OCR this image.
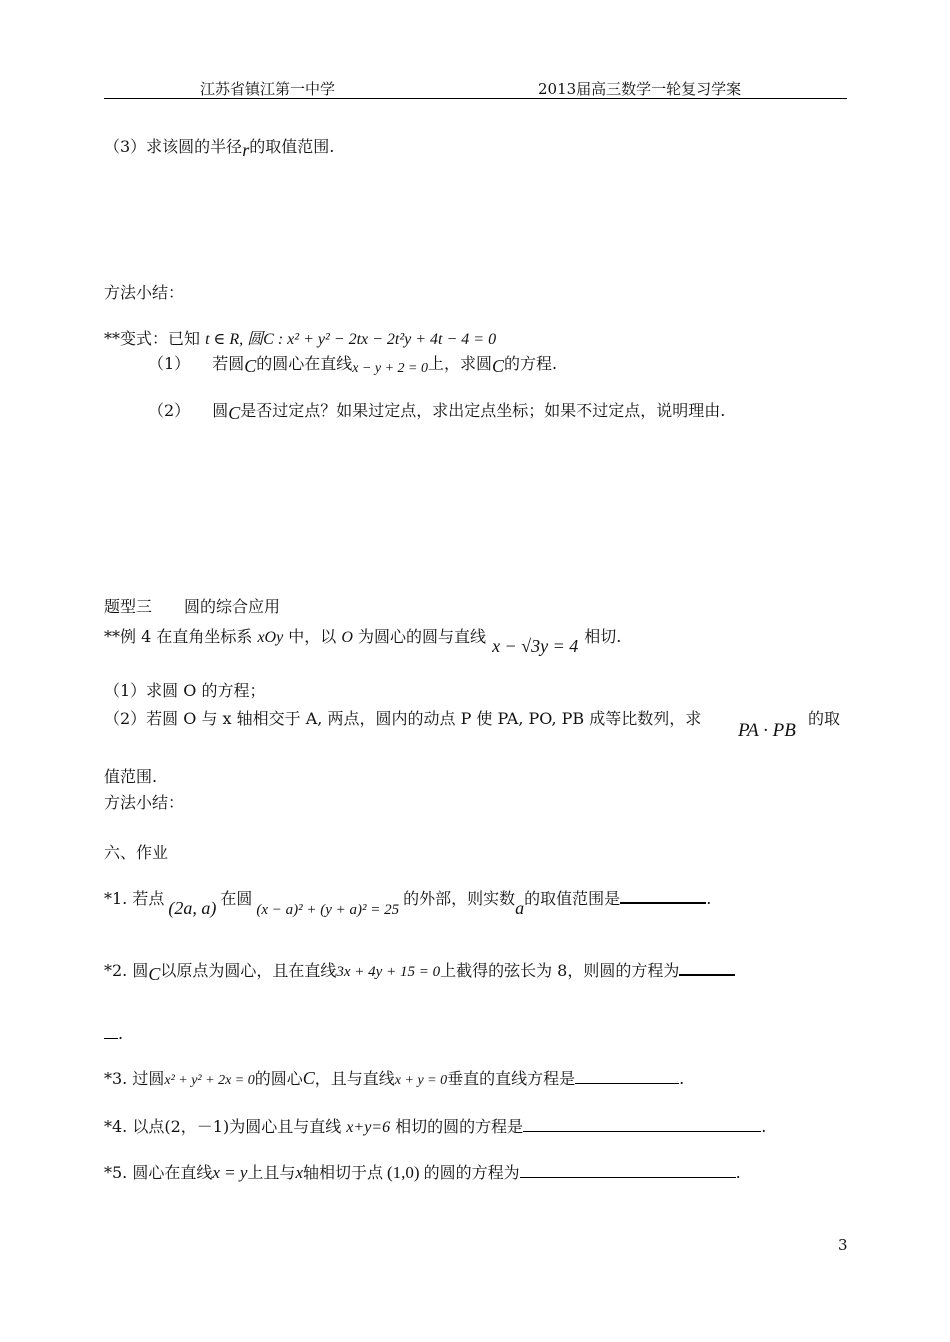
江苏省镇江第一中学	2013届高三数学一轮复习学案
（3）求该圆的半径r的取值范围.
方法小结：
**变式：已知 t ∈ R, 圆C : x² + y² − 2tx − 2t²y + 4t − 4 = 0
（1） 若圆C的圆心在直线x − y + 2 = 0上，求圆C的方程.
（2） 圆C是否过定点？如果过定点，求出定点坐标；如果不过定点，说明理由.
题型三　　圆的综合应用
**例 4 在直角坐标系 xOy 中，以 O 为圆心的圆与直线 x − √3y = 4 相切.
（1）求圆 O 的方程；
（2）若圆 O 与 x 轴相交于 A, 两点，圆内的动点 P 使 PA, PO, PB 成等比数列，求
PA · PB
的取
值范围.
方法小结：
六、作业
*1. 若点 (2a, a) 在圆(x − a)² + (y + a)² = 25的外部，则实数a的取值范围是	.
*2. 圆C以原点为圆心，且在直线3x + 4y + 15 = 0上截得的弦长为 8，则圆的方程为
.
*3. 过圆x² + y² + 2x = 0的圆心C，且与直线x + y = 0垂直的直线方程是	.
*4. 以点(2，－1)为圆心且与直线 x+y=6 相切的圆的方程是	.
*5. 圆心在直线x = y上且与x轴相切于点 (1,0) 的圆的方程为	.
3
